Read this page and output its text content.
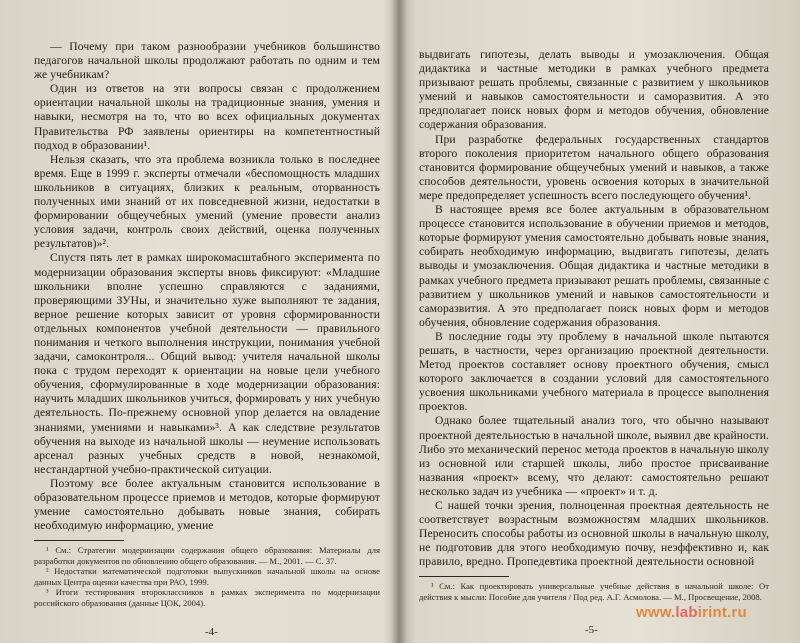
— Почему при таком разнообразии учебников большинство педагогов начальной школы продолжают работать по одним и тем же учебникам?

Один из ответов на эти вопросы связан с продолжением ориентации начальной школы на традиционные знания, умения и навыки, несмотря на то, что во всех официальных документах Правительства РФ заявлены ориентиры на компетентностный подход в образовании¹.

Нельзя сказать, что эта проблема возникла только в последнее время. Еще в 1999 г. эксперты отмечали «беспомощность младших школьников в ситуациях, близких к реальным, оторванность полученных ими знаний от их повседневной жизни, недостатки в формировании общеучебных умений (умение провести анализ условия задачи, контроль своих действий, оценка полученных результатов)»².

Спустя пять лет в рамках широкомасштабного эксперимента по модернизации образования эксперты вновь фиксируют: «Младшие школьники вполне успешно справляются с заданиями, проверяющими ЗУНы, и значительно хуже выполняют те задания, верное решение которых зависит от уровня сформированности отдельных компонентов учебной деятельности — правильного понимания и четкого выполнения инструкции, понимания учебной задачи, самоконтроля... Общий вывод: учителя начальной школы пока с трудом переходят к ориентации на новые цели учебного обучения, сформулированные в ходе модернизации образования: научить младших школьников учиться, формировать у них учебную деятельность. По-прежнему основной упор делается на овладение знаниями, умениями и навыками»³. А как следствие результатов обучения на выходе из начальной школы — неумение использовать арсенал разных учебных средств в новой, незнакомой, нестандартной учебно-практической ситуации.

Поэтому все более актуальным становится использование в образовательном процессе приемов и методов, которые формируют умение самостоятельно добывать новые знания, собирать необходимую информацию, умение

¹ См.: Стратегии модернизации содержания общего образования: Материалы для разработки документов по обновлению общего образования. — М., 2001. — С. 37.

² Недостатки математической подготовки выпускников начальной школы на основе данных Центра оценки качества при РАО, 1999.

³ Итоги тестирования второклассников в рамках эксперимента по модернизации российского образования (данные ЦОК, 2004).

-4-

выдвигать гипотезы, делать выводы и умозаключения. Общая дидактика и частные методики в рамках учебного предмета призывают решать проблемы, связанные с развитием у школьников умений и навыков самостоятельности и саморазвития. А это предполагает поиск новых форм и методов обучения, обновление содержания образования.

При разработке федеральных государственных стандартов второго поколения приоритетом начального общего образования становится формирование общеучебных умений и навыков, а также способов деятельности, уровень освоения которых в значительной мере предопределяет успешность всего последующего обучения¹.

В настоящее время все более актуальным в образовательном процессе становится использование в обучении приемов и методов, которые формируют умения самостоятельно добывать новые знания, собирать необходимую информацию, выдвигать гипотезы, делать выводы и умозаключения. Общая дидактика и частные методики в рамках учебного предмета призывают решать проблемы, связанные с развитием у школьников умений и навыков самостоятельности и саморазвития. А это предполагает поиск новых форм и методов обучения, обновление содержания образования.

В последние годы эту проблему в начальной школе пытаются решать, в частности, через организацию проектной деятельности. Метод проектов составляет основу проектного обучения, смысл которого заключается в создании условий для самостоятельного усвоения школьниками учебного материала в процессе выполнения проектов.

Однако более тщательный анализ того, что обычно называют проектной деятельностью в начальной школе, выявил две крайности. Либо это механический перенос метода проектов в начальную школу из основной или старшей школы, либо простое присваивание названия «проект» всему, что делают: самостоятельно решают несколько задач из учебника — «проект» и т. д.

С нашей точки зрения, полноценная проектная деятельность не соответствует возрастным возможностям младших школьников. Переносить способы работы из основной школы в начальную школу, не подготовив для этого необходимую почву, неэффективно и, как правило, вредно. Пропедевтика проектной деятельности основной

¹ См.: Как проектировать универсальные учебные действия в начальной школе: От действия к мысли: Пособие для учителя / Под ред. А.Г. Асмолова. — М., Просвещение, 2008.

-5-
www.labirint.ru
